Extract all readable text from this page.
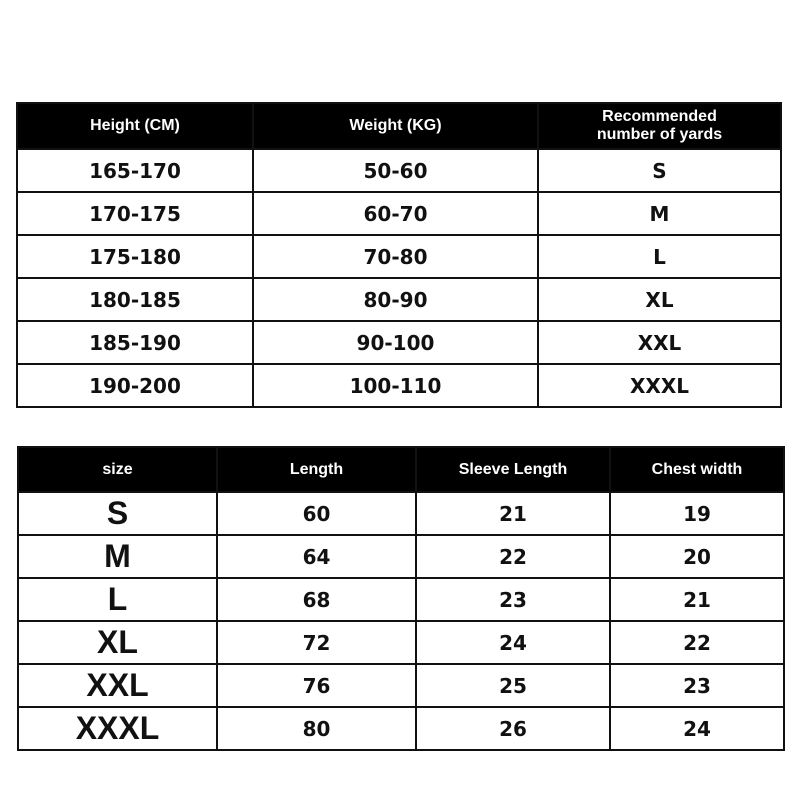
Height (CM)	Weight (KG)	Recommended
number of yards
165-170	50-60	S
170-175	60-70	M
175-180	70-80	L
180-185	80-90	XL
185-190	90-100	XXL
190-200	100-110	XXXL
size	Length	Sleeve Length	Chest width
S	60	21	19
M	64	22	20
L	68	23	21
XL	72	24	22
XXL	76	25	23
XXXL	80	26	24
